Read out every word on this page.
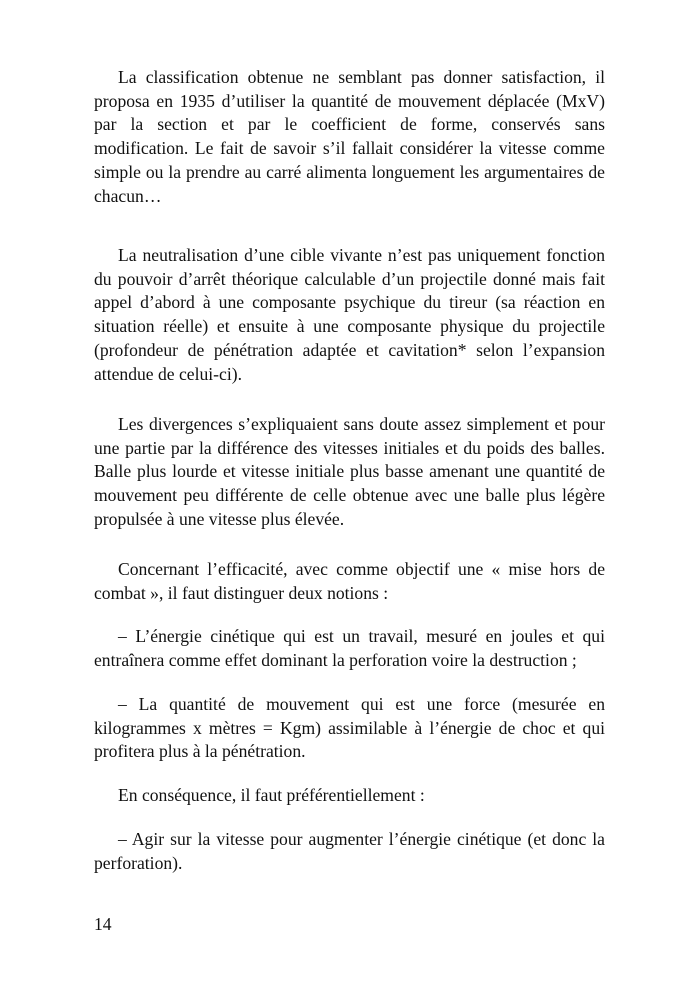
La classification obtenue ne semblant pas donner satisfaction, il proposa en 1935 d’utiliser la quantité de mouvement déplacée (MxV) par la section et par le coefficient de forme, conservés sans modification. Le fait de savoir s’il fallait considérer la vitesse comme simple ou la prendre au carré alimenta longuement les argumentaires de chacun…

La neutralisation d’une cible vivante n’est pas uniquement fonction du pouvoir d’arrêt théorique calculable d’un projectile donné mais fait appel d’abord à une composante psychique du tireur (sa réaction en situation réelle) et ensuite à une composante physique du projectile (profondeur de pénétration adaptée et cavitation* selon l’expansion attendue de celui-ci).

Les divergences s’expliquaient sans doute assez simplement et pour une partie par la différence des vitesses initiales et du poids des balles. Balle plus lourde et vitesse initiale plus basse amenant une quantité de mouvement peu différente de celle obtenue avec une balle plus légère propulsée à une vitesse plus élevée.

Concernant l’efficacité, avec comme objectif une « mise hors de combat », il faut distinguer deux notions :

– L’énergie cinétique qui est un travail, mesuré en joules et qui entraînera comme effet dominant la perforation voire la destruction ;

– La quantité de mouvement qui est une force (mesurée en kilogrammes x mètres = Kgm) assimilable à l’énergie de choc et qui profitera plus à la pénétration.

En conséquence, il faut préférentiellement :

– Agir sur la vitesse pour augmenter l’énergie cinétique (et donc la perforation).

14
